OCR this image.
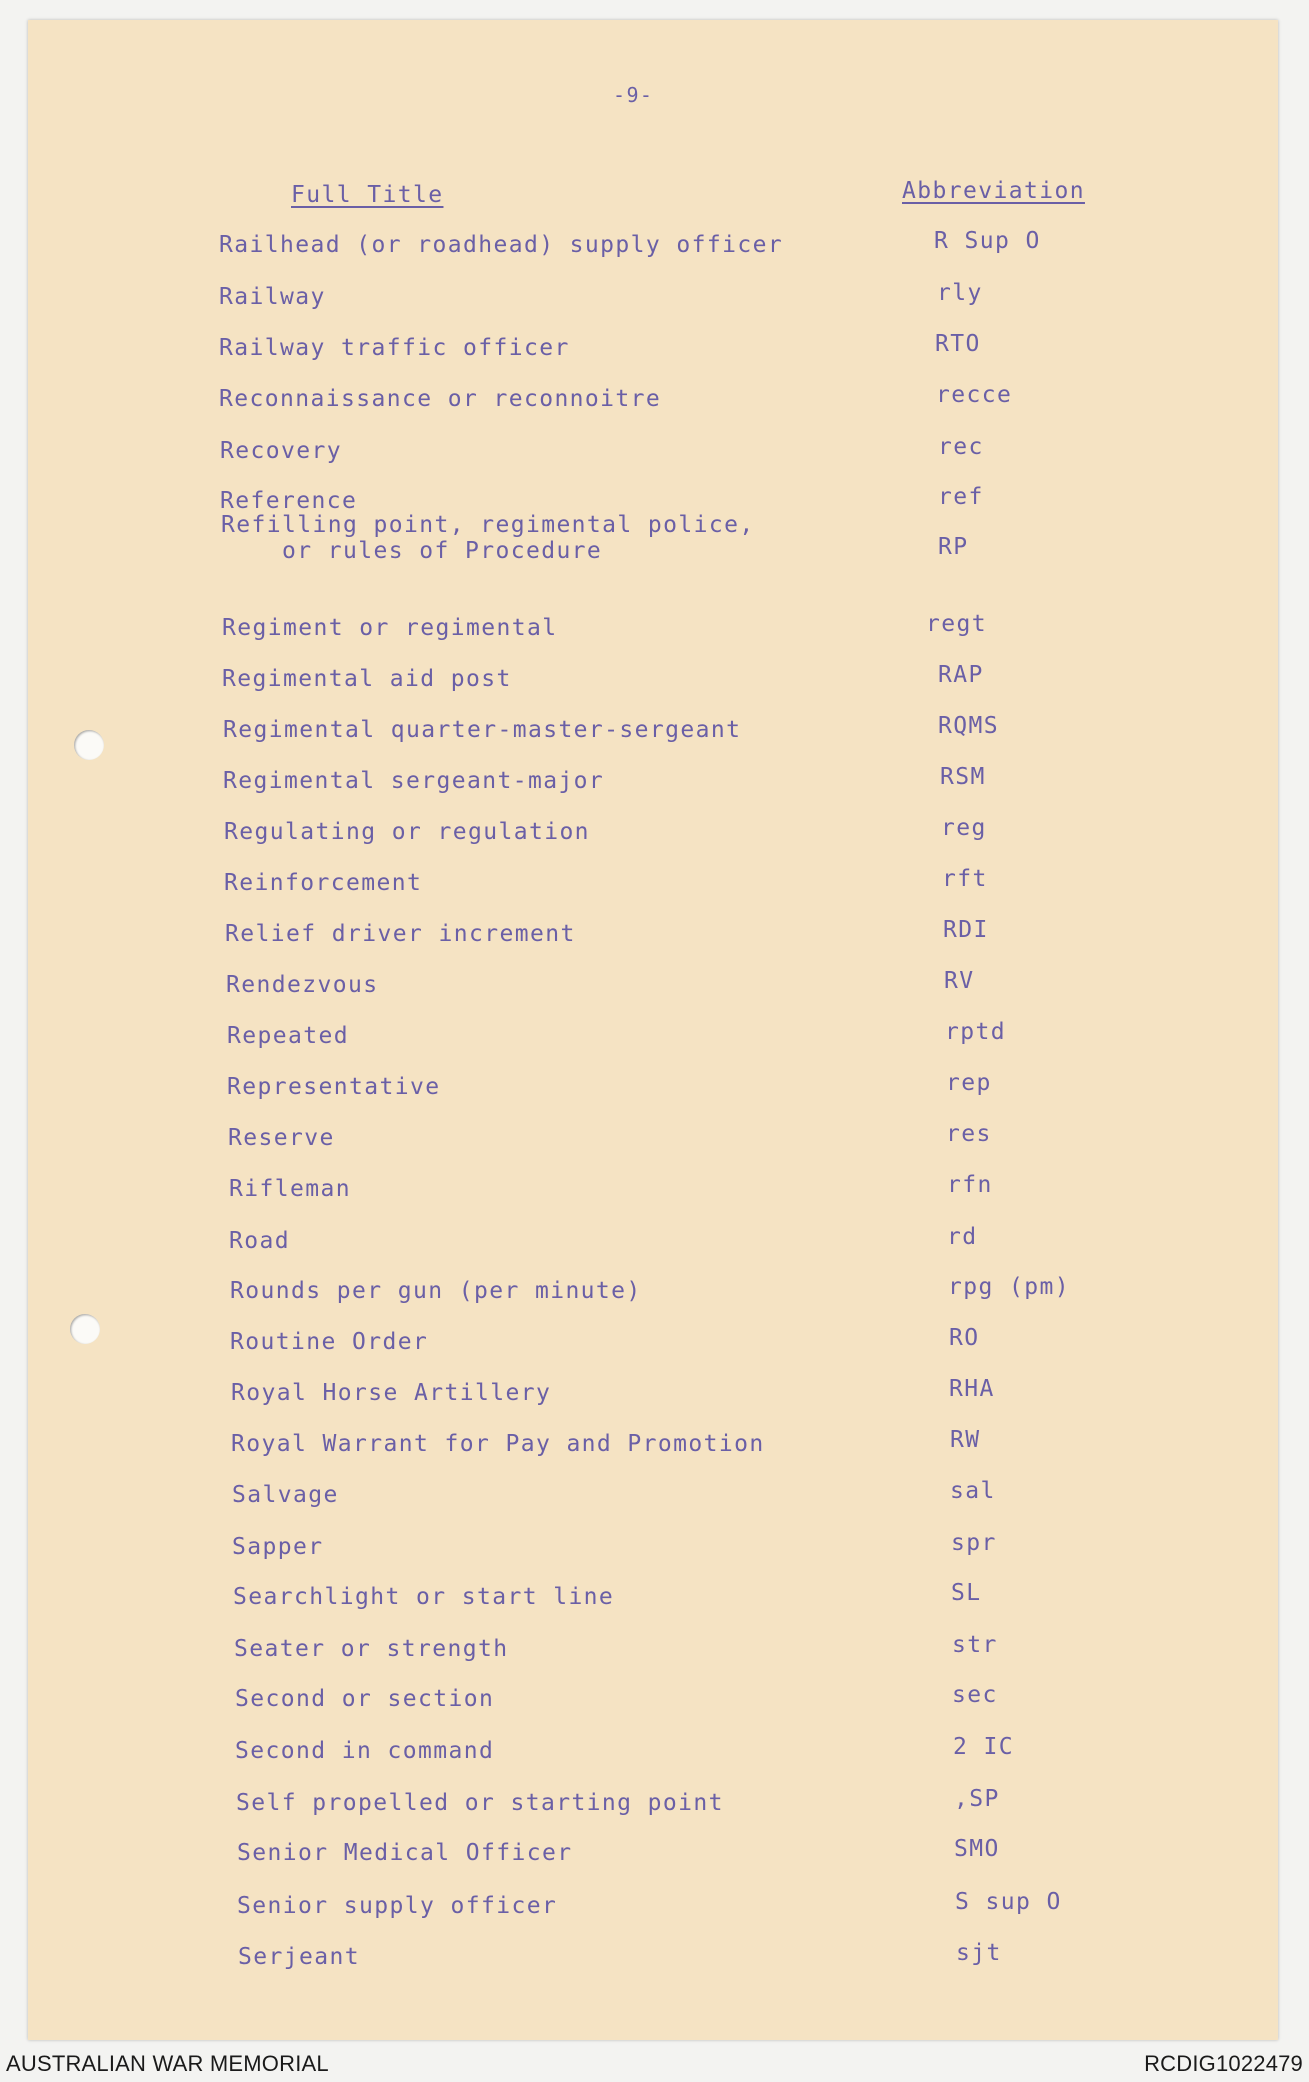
-9-
Full Title	Abbreviation
Railhead (or roadhead) supply officer	R Sup O
Railway	rly
Railway traffic officer	RTO
Reconnaissance or reconnoitre	recce
Recovery	rec
Reference	ref
Refilling point, regimental police,
or rules of Procedure	RP
Regiment or regimental	regt
Regimental aid post	RAP
Regimental quarter-master-sergeant	RQMS
Regimental sergeant-major	RSM
Regulating or regulation	reg
Reinforcement	rft
Relief driver increment	RDI
Rendezvous	RV
Repeated	rptd
Representative	rep
Reserve	res
Rifleman	rfn
Road	rd
Rounds per gun (per minute)	rpg (pm)
Routine Order	RO
Royal Horse Artillery	RHA
Royal Warrant for Pay and Promotion	RW
Salvage	sal
Sapper	spr
Searchlight or start line	SL
Seater or strength	str
Second or section	sec
Second in command	2 IC
Self propelled or starting point	,SP
Senior Medical Officer	SMO
Senior supply officer	S sup O
Serjeant	sjt
AUSTRALIAN WAR MEMORIAL	RCDIG1022479
